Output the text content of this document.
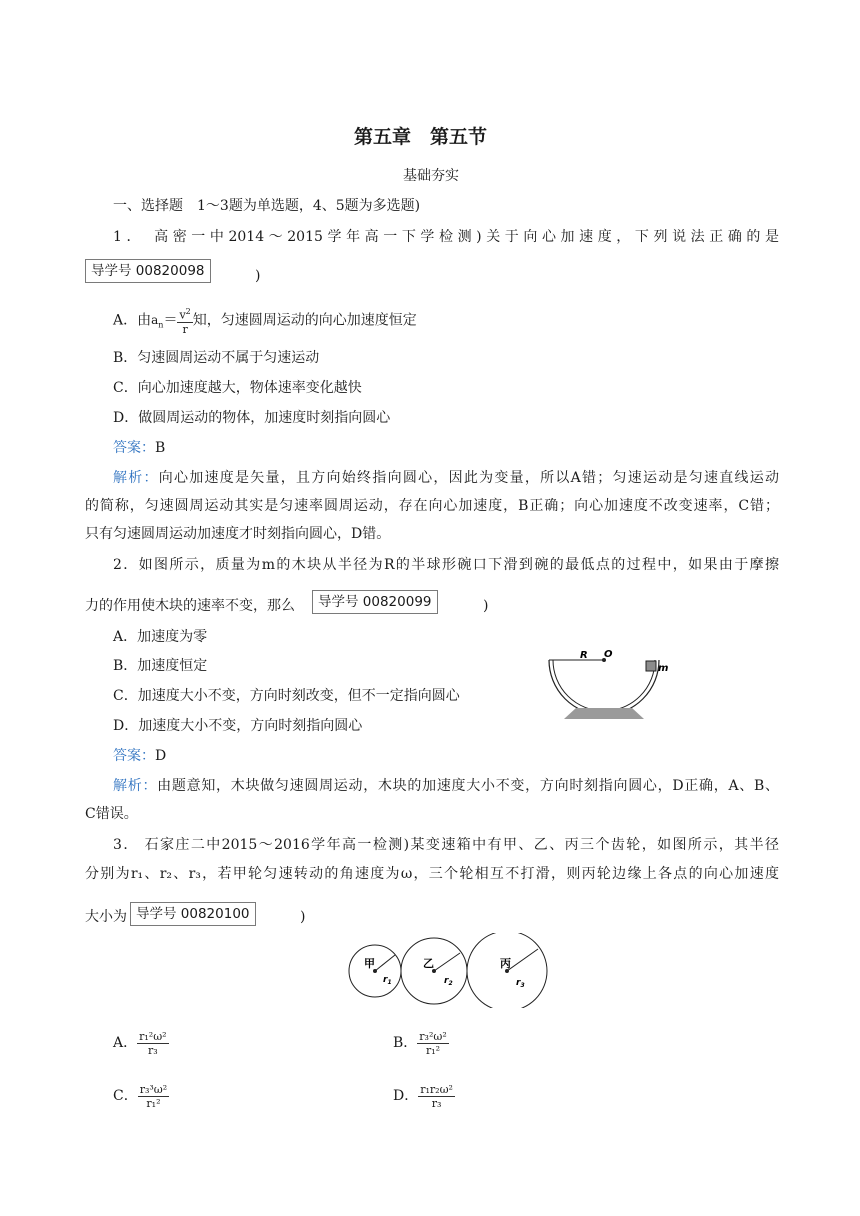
第五章　第五节
基础夯实
一、选择题　1～3题为单选题，4、5题为多选题)
1． 高密一中2014～2015学年高一下学检测)关于向心加速度，下列说法正确的是
导学号 00820098	)
A．由$a_n= \frac{v^2}{r}$ 知，匀速圆周运动的向心加速度恒定
B．匀速圆周运动不属于匀速运动
C．向心加速度越大，物体速率变化越快
D．做圆周运动的物体，加速度时刻指向圆心
答案：B
解析：向心加速度是矢量，且方向始终指向圆心，因此为变量，所以A错；匀速运动是匀速直线运动
的简称，匀速圆周运动其实是匀速率圆周运动，存在向心加速度，B正确；向心加速度不改变速率，C错；
只有匀速圆周运动加速度才时刻指向圆心，D错。
2．如图所示，质量为m的木块从半径为R的半球形碗口下滑到碗的最低点的过程中，如果由于摩擦
力的作用使木块的速率不变，那么	导学号 00820099	)
A．加速度为零
B．加速度恒定
C．加速度大小不变，方向时刻改变，但不一定指向圆心
D．加速度大小不变，方向时刻指向圆心
R O
m
答案：D
解析：由题意知，木块做匀速圆周运动，木块的加速度大小不变，方向时刻指向圆心，D正确，A、B、
C错误。
3． 石家庄二中2015～2016学年高一检测)某变速箱中有甲、乙、丙三个齿轮，如图所示，其半径
分别为r₁、r₂、r₃，若甲轮匀速转动的角速度为ω，三个轮相互不打滑，则丙轮边缘上各点的向心加速度
大小为 导学号 00820100	)
甲	乙	丙
$r_1$	$r_2$	$r_3$
A． $\frac{\text{r₁²ω²}}{\text{r₃}}$	B． $\frac{\text{r₃²ω²}}{\text{r₁²}}$
C． $\frac{\text{r₃³ω²}}{\text{r₁²}}$	D． $\frac{\text{r₁r₂ω²}}{\text{r₃}}$
